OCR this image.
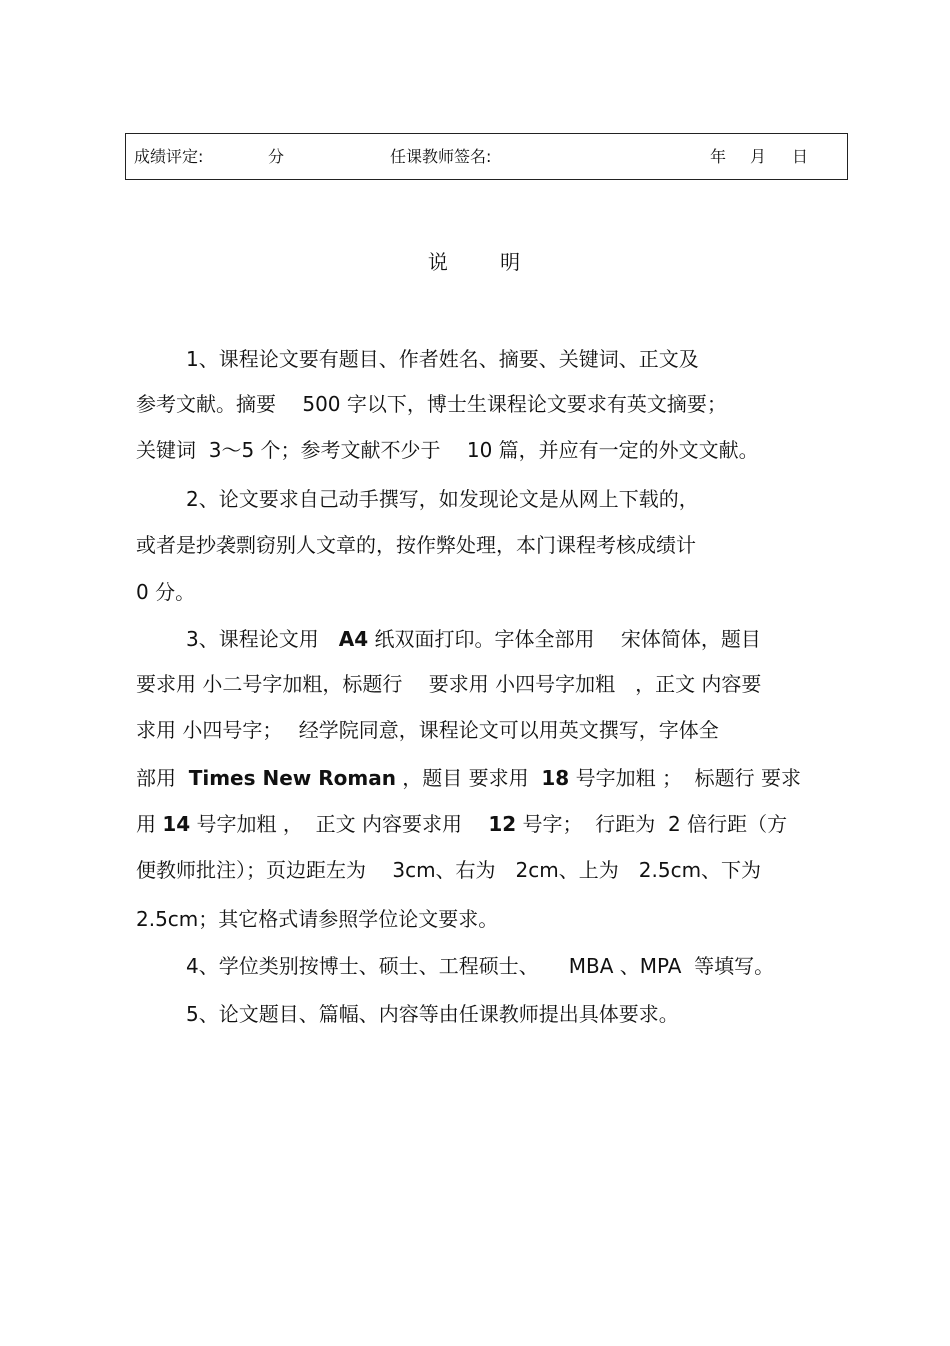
成绩评定:	分	任课教师签名:	年 月 日
说	明
1、课程论文要有题目、作者姓名、摘要、关键词、正文及
参考文献。摘要　 500 字以下，博士生课程论文要求有英文摘要；
关键词  3～5 个；参考文献不少于　 10 篇，并应有一定的外文文献。
2、论文要求自己动手撰写，如发现论文是从网上下载的，
或者是抄袭剽窃别人文章的，按作弊处理，本门课程考核成绩计
0 分。
3、课程论文用　A4 纸双面打印。字体全部用　 宋体简体，题目
要求用 小二号字加粗，标题行　 要求用 小四号字加粗　，正文 内容要
求用 小四号字；　 经学院同意，课程论文可以用英文撰写，字体全
部用  Times New Roman ，题目 要求用  18 号字加粗 ；  标题行 要求
用 14 号字加粗 ，  正文 内容要求用　 12 号字；  行距为  2 倍行距（方
便教师批注）；页边距左为　 3cm、右为　2cm、上为　2.5cm、下为
2.5cm；其它格式请参照学位论文要求。
4、学位类别按博士、硕士、工程硕士、　　MBA 、MPA  等填写。
5、论文题目、篇幅、内容等由任课教师提出具体要求。
